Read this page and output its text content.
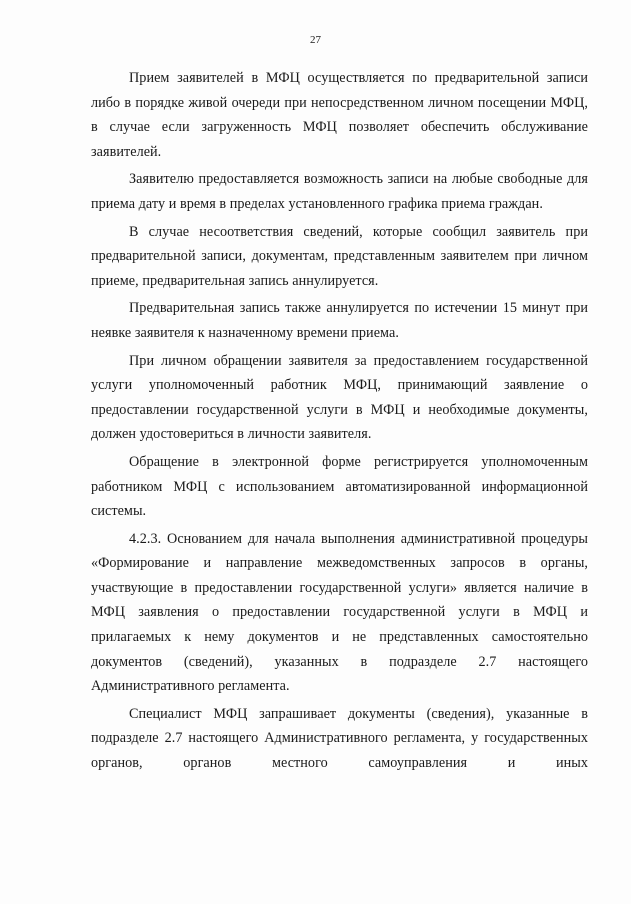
27

Прием заявителей в МФЦ осуществляется по предварительной записи либо в порядке живой очереди при непосредственном личном посещении МФЦ, в случае если загруженность МФЦ позволяет обеспечить обслуживание заявителей.

Заявителю предоставляется возможность записи на любые свободные для приема дату и время в пределах установленного графика приема граждан.

В случае несоответствия сведений, которые сообщил заявитель при предварительной записи, документам, представленным заявителем при личном приеме, предварительная запись аннулируется.

Предварительная запись также аннулируется по истечении 15 минут при неявке заявителя к назначенному времени приема.

При личном обращении заявителя за предоставлением государственной услуги уполномоченный работник МФЦ, принимающий заявление о предоставлении государственной услуги в МФЦ и необходимые документы, должен удостовериться в личности заявителя.

Обращение в электронной форме регистрируется уполномоченным работником МФЦ с использованием автоматизированной информационной системы.

4.2.3. Основанием для начала выполнения административной процедуры «Формирование и направление межведомственных запросов в органы, участвующие в предоставлении государственной услуги» является наличие в МФЦ заявления о предоставлении государственной услуги в МФЦ и прилагаемых к нему документов и не представленных самостоятельно документов (сведений), указанных в подразделе 2.7 настоящего Административного регламента.

Специалист МФЦ запрашивает документы (сведения), указанные в подразделе 2.7 настоящего Административного регламента, у государственных органов, органов местного самоуправления и иных
